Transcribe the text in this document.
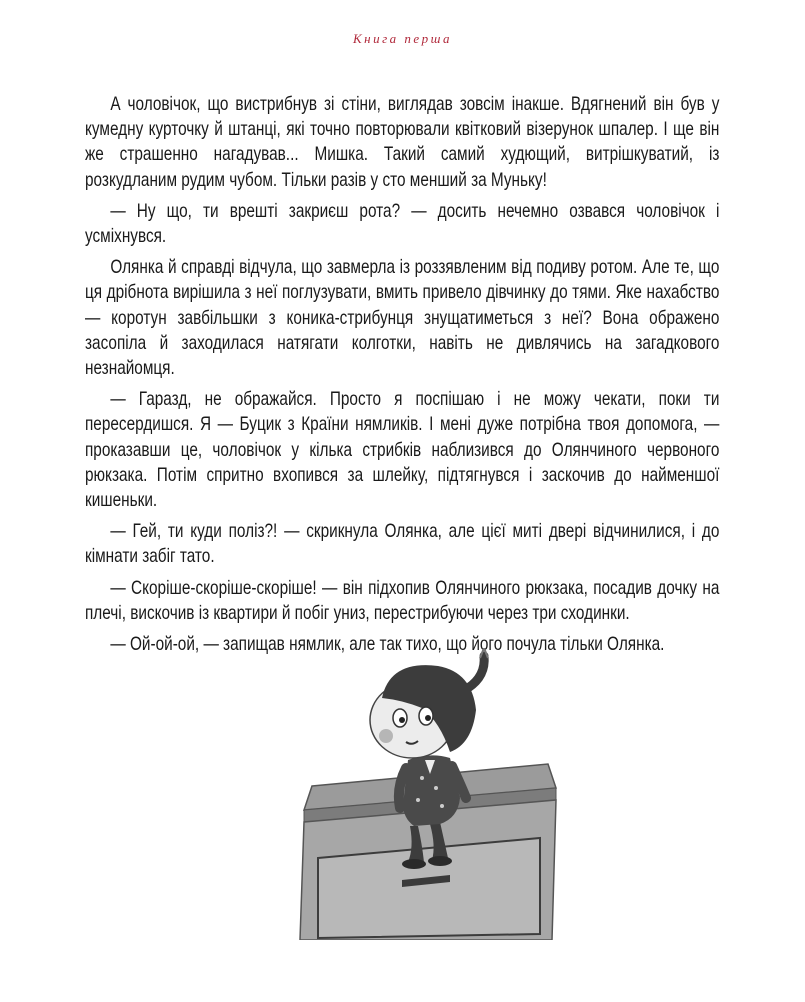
Книга перша

А чоловічок, що вистрибнув зі стіни, виглядав зовсім інакше. Вдягнений він був у кумедну курточку й штанці, які точно повторювали квітковий візерунок шпалер. І ще він же страшенно нагадував... Мишка. Такий самий худющий, витрішкуватий, із розкудланим рудим чубом. Тільки разів у сто менший за Муньку!

— Ну що, ти врешті закриєш рота? — досить нечемно озвався чоловічок і усміхнувся.

Олянка й справді відчула, що завмерла із роззявленим від подиву ротом. Але те, що ця дрібнота вирішила з неї поглузувати, вмить привело дівчинку до тями. Яке нахабство — коротун завбільшки з коника-стрибунця знущатиметься з неї? Вона ображено засопіла й заходилася натягати колготки, навіть не дивлячись на загадкового незнайомця.

— Гаразд, не ображайся. Просто я поспішаю і не можу чекати, поки ти пересердишся. Я — Буцик з Країни нямликів. І мені дуже потрібна твоя допомога, — проказавши це, чоловічок у кілька стрибків наблизився до Олянчиного червоного рюкзака. Потім спритно вхопився за шлейку, підтягнувся і заскочив до найменшої кишеньки.

— Гей, ти куди поліз?! — скрикнула Олянка, але цієї миті двері відчинилися, і до кімнати забіг тато.

— Скоріше-скоріше-скоріше! — він підхопив Олянчиного рюкзака, посадив дочку на плечі, вискочив із квартири й побіг униз, перестрибуючи через три сходинки.

— Ой-ой-ой, — запищав нямлик, але так тихо, що його почула тільки Олянка.
